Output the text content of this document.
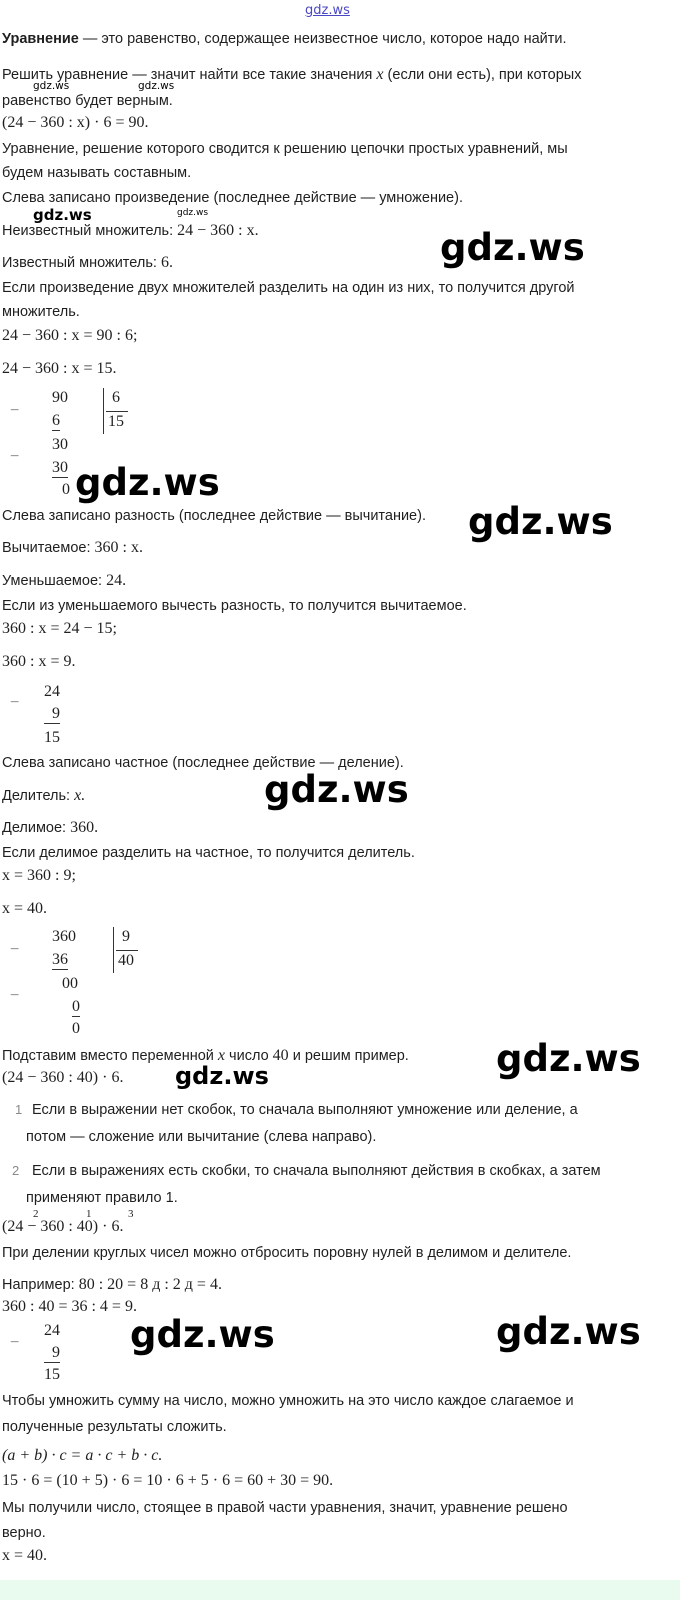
gdz.ws
gdz.ws	gdz.ws
gdz.ws	gdz.ws
gdz.ws
gdz.ws
gdz.ws
gdz.ws
gdz.ws
gdz.ws
gdz.ws	gdz.ws
Уравнение — это равенство, содержащее неизвестное число, которое надо найти.
Решить уравнение — значит найти все такие значения x (если они есть), при которых
равенство будет верным.
(24 − 360 : x) · 6 = 90.
Уравнение, решение которого сводится к решению цепочки простых уравнений, мы
будем называть составным.
Слева записано произведение (последнее действие — умножение).
Неизвестный множитель: 24 − 360 : x.
Известный множитель: 6.
Если произведение двух множителей разделить на один из них, то получится другой
множитель.
24 − 360 : x = 90 : 6;
24 − 360 : x = 15.
−
−
90
6
30
30
0
6
15
Слева записано разность (последнее действие — вычитание).
Вычитаемое: 360 : x.
Уменьшаемое: 24.
Если из уменьшаемого вычесть разность, то получится вычитаемое.
360 : x = 24 − 15;
360 : x = 9.
−
24
9
15
Слева записано частное (последнее действие — деление).
Делитель: x.
Делимое: 360.
Если делимое разделить на частное, то получится делитель.
x = 360 : 9;
x = 40.
−
−
360
36
00
0
0
9
40
Подставим вместо переменной x число 40 и решим пример.
(24 − 360 : 40) · 6.
1 Если в выражении нет скобок, то сначала выполняют умножение или деление, а
потом — сложение или вычитание (слева направо).
2 Если в выражениях есть скобки, то сначала выполняют действия в скобках, а затем
применяют правило 1.
(24 − 360 : 40) · 6.
2	1	3
При делении круглых чисел можно отбросить поровну нулей в делимом и делителе.
Например: 80 : 20 = 8 д : 2 д = 4.
360 : 40 = 36 : 4 = 9.
−
24
9
15
Чтобы умножить сумму на число, можно умножить на это число каждое слагаемое и
полученные результаты сложить.
(a + b) · c = a · c + b · c.
15 · 6 = (10 + 5) · 6 = 10 · 6 + 5 · 6 = 60 + 30 = 90.
Мы получили число, стоящее в правой части уравнения, значит, уравнение решено
верно.
x = 40.
